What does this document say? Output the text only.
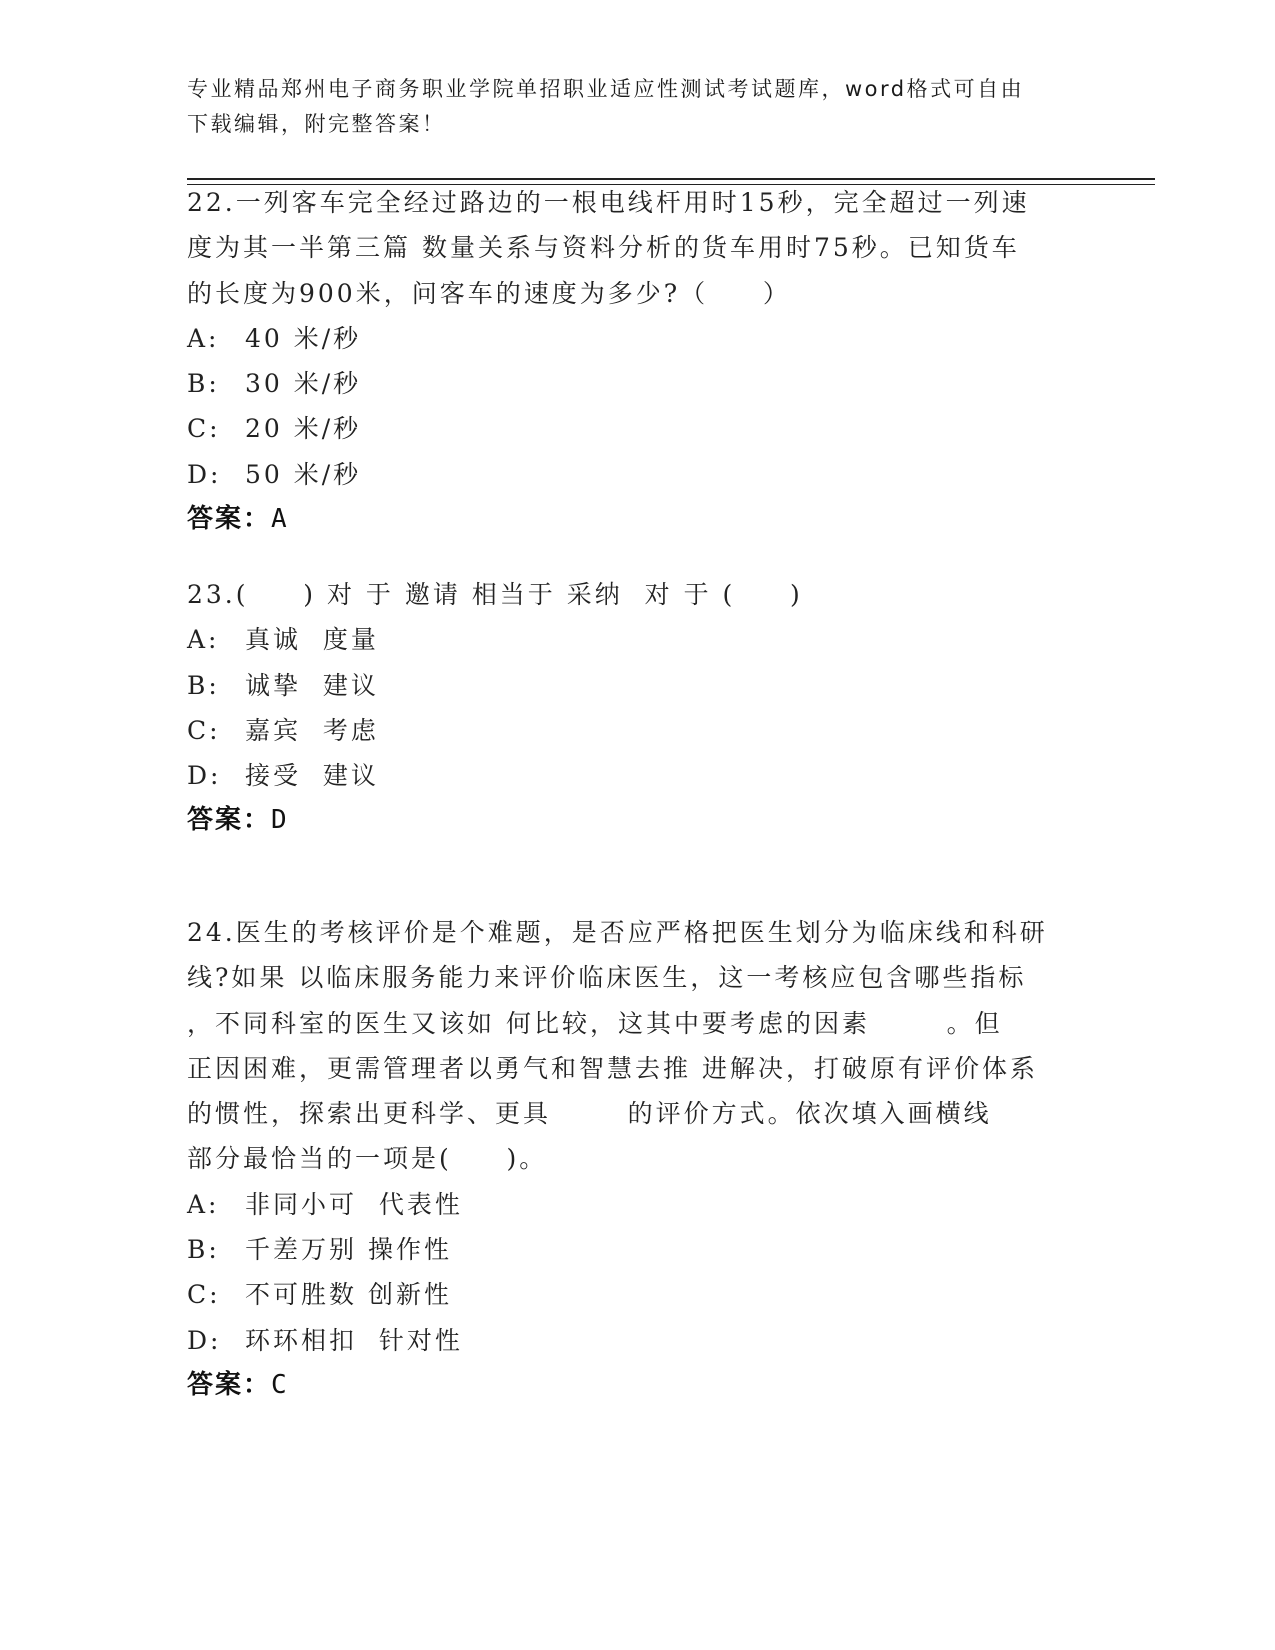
专业精品郑州电子商务职业学院单招职业适应性测试考试题库，word格式可自由
下载编辑，附完整答案！
22.一列客车完全经过路边的一根电线杆用时15秒，完全超过一列速
度为其一半第三篇 数量关系与资料分析的货车用时75秒。已知货车
的长度为900米，问客车的速度为多少?（     ）
A:	40 米/秒
B:	30 米/秒
C: 20 米/秒
D: 50 米/秒
答案：A
23.(     ) 对 于 邀请 相当于 采纳  对 于 (     )
A:	真诚  度量
B:	诚挚  建议
C: 嘉宾  考虑
D: 接受  建议
答案：D
24.医生的考核评价是个难题，是否应严格把医生划分为临床线和科研
线?如果 以临床服务能力来评价临床医生，这一考核应包含哪些指标
，不同科室的医生又该如 何比较，这其中要考虑的因素       。但
正因困难，更需管理者以勇气和智慧去推 进解决，打破原有评价体系
的惯性，探索出更科学、更具       的评价方式。依次填入画横线
部分最恰当的一项是(     )。
A:	非同小可  代表性
B:	千差万别 操作性
C: 不可胜数 创新性
D: 环环相扣  针对性
答案：C
